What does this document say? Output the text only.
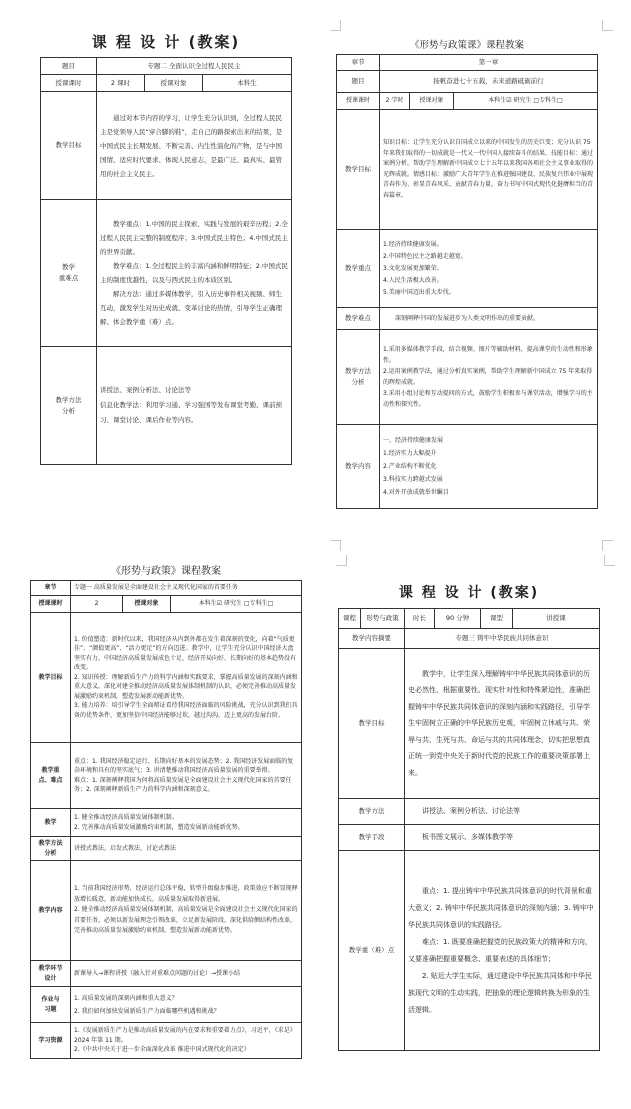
课 程 设 计 (教案)
题目	专题二 全面认识全过程人民民主		
授课课时	2 课时	授课对象	本科生
教学目标	通过对本节内容的学习，让学生充分认识到，全过程人民民主是党领导人民“穿合脚的鞋”，走自己的路探索出来的结果，是中国式民主长期发展、不断完善、内生性演化的产物，是与中国国情、适应时代要求、体现人民意志，是最广泛、最真实、最管用的社会主义民主。		

教学
重难点	教学重点：1.中国的民主探索、实践与发展的艰辛历程；2.全过程人民民主完整的制度程序；3.中国式民主特色；4.中国式民主的世界贡献。
教学难点：1.全过程民主的丰富内涵和鲜明特征；2.中国式民主的制度优越性，以及与西式民主的本质区别。
解决方法：通过多媒体教学，引入历史事件相关视频、师生互动，激发学生对历史成就、变革讨论的热情，引导学生正确理解、体会教学重（难）点。		

教学方法
分析	讲授法、案例分析法、讨论法等
信息化教学法：利用学习通、学习强国等发布课堂考勤、课前预习、课堂讨论、课后作业等内容。		
《形势与政策课》课程教案
章节	第一章		
题目	扬帆奋进七十五载，未来道路砥砺前行		
授课课时	2 学时	授课对象	本科生☑ 研究生 □专科生□
教学目标	知识目标：让学生充分认识自国成立以来的中国发生的历史巨变；充分认识 75 年来我们取得的一切成就是一代又一代中国人接续奋斗的结果，技能目标：通过案例分析，帮助学生理解新中国成立七十五年以来我国各项社会主义事业取得的光辉成就。情感目标：激励广大青年学生在推进强国建设、民族复兴伟业中展现青春作为、彰显青春风采、贡献青春力量，奋力书写中国式现代化挺膺担当的青春篇章。		
教学重点	1.经济持续健康发展。
2.中国特色民主之路越走越宽。
3.文化发展更加繁荣。
4.人民生活极大改善。
5.美丽中国迈出重大步伐。		

教学难点	深刻阐释中国的发展进步为人类文明作出的重要贡献。		

教学方法
分析	1.采用多媒体教学手段，结合视频、图片等辅助材料，提高课堂的生动性和形象性。
2.运用案例教学法，通过分析真实案例，帮助学生理解新中国成立 75 年来取得的辉煌成就。
3.采用小组讨论和互动提问的方式，鼓励学生积极参与课堂活动，增强学习的主动性和探究性。		

教学内容	一、经济持续健康发展
1.经济实力大幅提升
2.产业结构不断优化
3.科技实力跨越式发展
4.对外开放成就举世瞩目		
《形势与政策》课程教案
章节	专题一 高质量发展是全面建设社会主义现代化国家的首要任务		
授课课时	2	授课对象	本科生☑ 研究生 □专科生□
教学目标	1. 价值塑造：新时代以来，我国经济从内到外都在发生着深刻的变化，向着“气质更佳”、“颜值更高”、“活力更足”的方向迈进。教学中，让学生充分认识中国经济大盘坚实有力，中国经济高质量发展成色十足，经济开局向好、长期向好的基本趋势没有改变。
2. 知识传授：理解新质生产力的科学内涵和实践要求，掌握高质量发展的深刻内涵和重大意义，深化对建全推动经济高质量发展体制机制的认识，必须完善推动高质量发展激励约束机制，塑造发展新动能新优势。
3. 能力培养：培引导学生全面辩证看待我国经济面临的风险挑战，充分认识到我们具备的优势条件，更加坚信中国经济能够过坎，越过沟沟，迈上更高的发展台阶。		

教学重
点、难点	重点：1. 我国经济稳定运行、长期向好基本的发展态势；2. 我国经济发展面临的复杂环境和具有的坚实底气；3. 讲清楚推动我国经济高质量发展的重要举措。
难点：1. 深刻阐释我国为何将高质量发展是全面建设社会主义现代化国家的首要任务；2. 深刻阐释新质生产力的科学内涵和深刻意义。		

教学	1. 健全推动经济高质量发展体制机制。
2. 完善推动高质量发展激励约束机制，塑造发展新动能新优势。		

教学方法
分析	讲授式教法，启发式教法，讨论式教法		
教学内容	1. 当前我国经济形势，经济运行总体平稳，转型升级稳步推进，政策效应不断显现释放增长暖意，新动能加快成长，高质量发展取得新进展。
2. 健全推动经济高质量发展体制机制，高质量发展是全面建设社会主义现代化国家的首要任务，必须以新发展理念引领改革，立足新发展阶段，深化供给侧结构性改革，完善推动高质量发展激励约束机制，塑造发展新动能新优势。		

教学环节
设计	新课导入→课程讲授（融入针对重难点问题的讨论）→授课小结		

作业与
习题	1. 高质量发展的深刻内涵和重大意义？
2. 我们如何加快发展新质生产力面临哪些机遇和挑战？		

学习资源	1.《发展新质生产力是推动高质量发展的内在要求和重要着力点》，习近平，《求是》2024 年第 11 期。
2.《中共中央关于进一步全面深化改革 推进中国式现代化的决定》		
课 程 设 计 (教案)
课程	形势与政策	时长	90 分钟	课型	讲授课
教学内容摘要		专题三 铸牢中华民族共同体意识			
教学目标		教学中，让学生深入理解铸牢中华民族共同体意识的历史必然性、根据重要性、现实针对性和特殊紧迫性，准确把握铸牢中华民族共同体意识的深刻内涵和实践路径，引导学生牢固树立正确的中华民族历史观，牢固树立休戚与共、荣辱与共、生死与共、命运与共的共同体理念，切实把思想真正统一到党中央关于新时代党的民族工作的重要决策部署上来。			
教学方法		讲授法、案例分析法、讨论法等			
教学手段		板书图文展示、多媒体教学等			
教学重（难）点		重点：1. 提出铸牢中华民族共同体意识的时代背景和重大意义；2. 铸牢中华民族共同体意识的深刻内涵；3. 铸牢中华民族共同体意识的实践路径。
难点：1. 既要准确把握党的民族政策大的精神和方向，又要准确把握重要概念、重要表述的具体细节；
2. 贴近大学生实际，通过建设中华民族共同体和中华民族现代文明的生动实践，把抽象的理论逻辑转换为形象的生活逻辑。			
